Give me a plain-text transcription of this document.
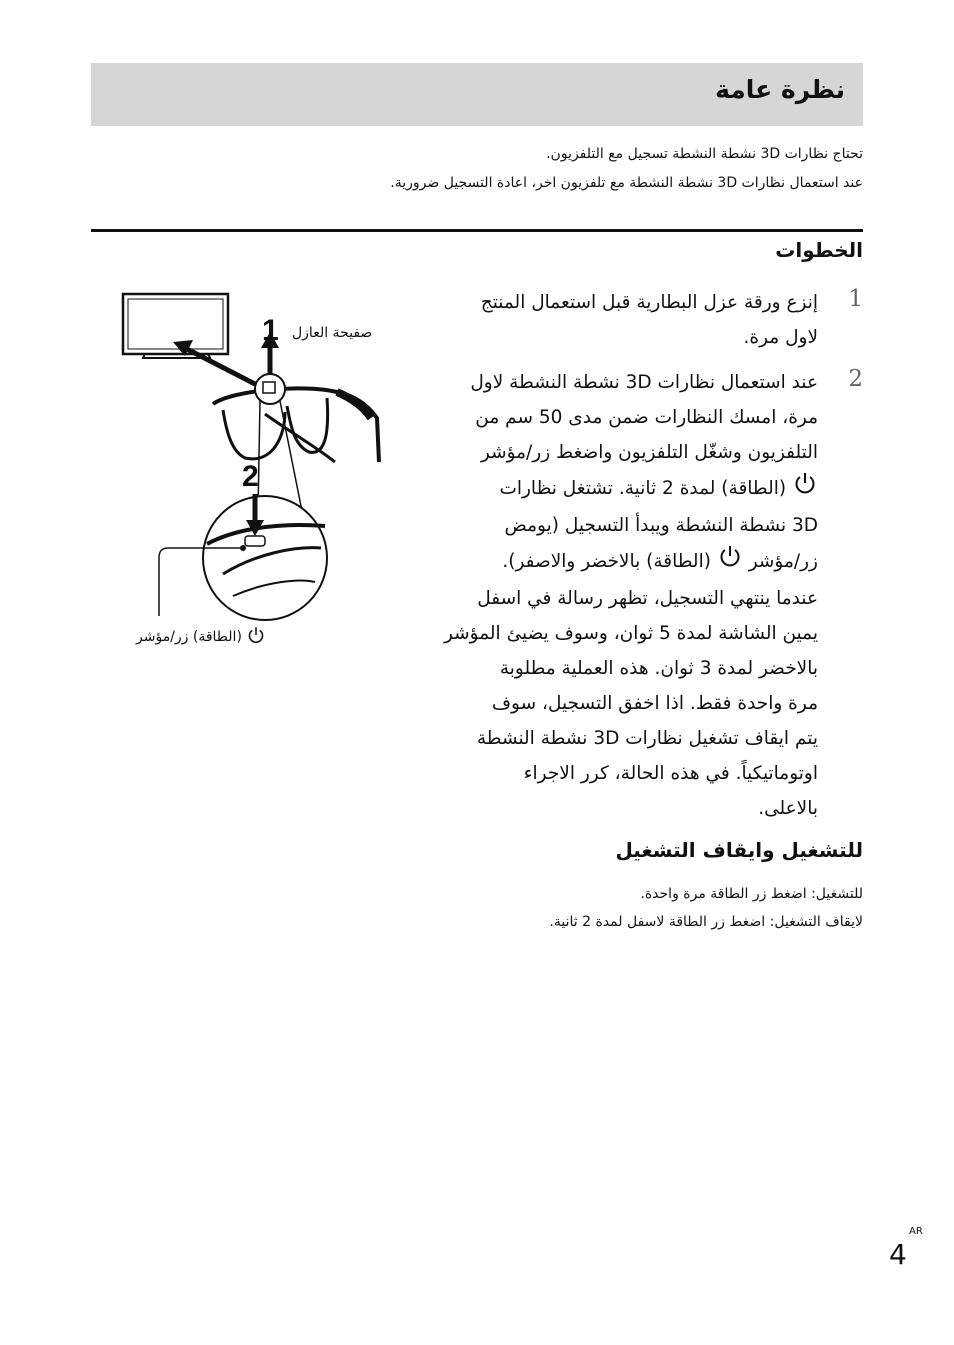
نظرة عامة
تحتاج نظارات 3D نشطة النشطة تسجيل مع التلفزيون.
عند استعمال نظارات 3D نشطة النشطة مع تلفزيون اخر، اعادة التسجيل ضرورية.
الخطوات
1
إنزع ورقة عزل البطارية قبل استعمال المنتج
لاول مرة.
2
عند استعمال نظارات 3D نشطة النشطة لاول
مرة، امسك النظارات ضمن مدى 50 سم من
التلفزيون وشغّل التلفزيون واضغط زر/مؤشر
(الطاقة) لمدة 2 ثانية. تشتغل نظارات
3D نشطة النشطة ويبدأ التسجيل (يومض
زر/مؤشر  (الطاقة) بالاخضر والاصفر).
عندما ينتهي التسجيل، تظهر رسالة في اسفل
يمين الشاشة لمدة 5 ثوان، وسوف يضيئ المؤشر
بالاخضر لمدة 3 ثوان. هذه العملية مطلوبة
مرة واحدة فقط. اذا اخفق التسجيل، سوف
يتم ايقاف تشغيل نظارات 3D نشطة النشطة
اوتوماتيكياً. في هذه الحالة، كرر الاجراء
بالاعلى.
1
2
صفيحة العازل
(الطاقة) زر/مؤشر
للتشغيل وايقاف التشغيل
للتشغيل: اضغط زر الطاقة مرة واحدة.
لايقاف التشغيل: اضغط زر الطاقة لاسفل لمدة 2 ثانية.
4
AR
